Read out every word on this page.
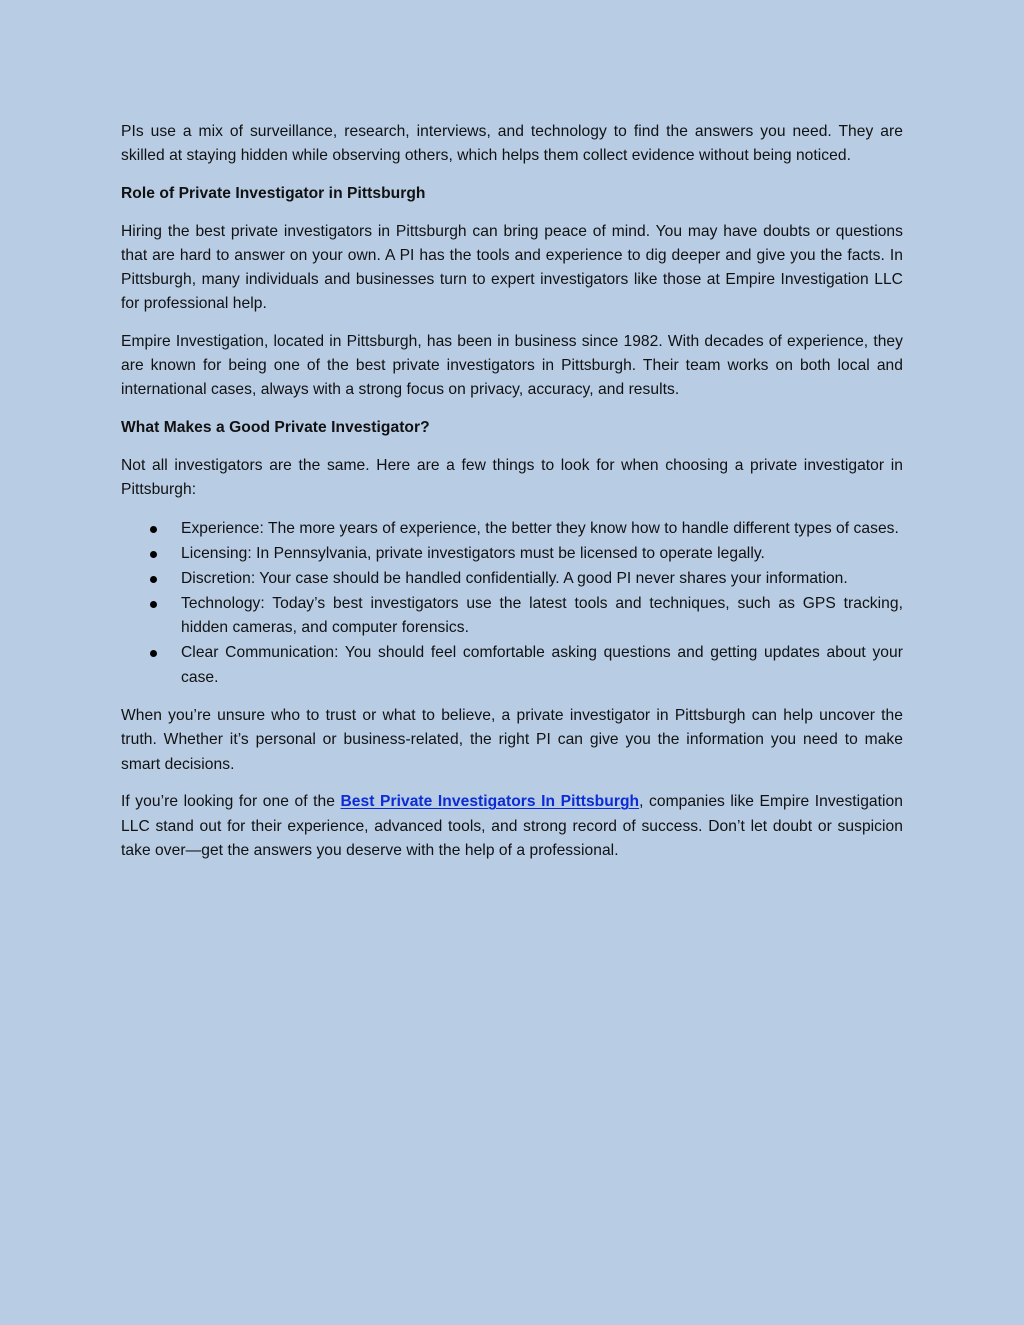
PIs use a mix of surveillance, research, interviews, and technology to find the answers you need. They are skilled at staying hidden while observing others, which helps them collect evidence without being noticed.

Role of Private Investigator in Pittsburgh

Hiring the best private investigators in Pittsburgh can bring peace of mind. You may have doubts or questions that are hard to answer on your own. A PI has the tools and experience to dig deeper and give you the facts. In Pittsburgh, many individuals and businesses turn to expert investigators like those at Empire Investigation LLC for professional help.

Empire Investigation, located in Pittsburgh, has been in business since 1982. With decades of experience, they are known for being one of the best private investigators in Pittsburgh. Their team works on both local and international cases, always with a strong focus on privacy, accuracy, and results.

What Makes a Good Private Investigator?

Not all investigators are the same. Here are a few things to look for when choosing a private investigator in Pittsburgh:

Experience: The more years of experience, the better they know how to handle different types of cases.
Licensing: In Pennsylvania, private investigators must be licensed to operate legally.
Discretion: Your case should be handled confidentially. A good PI never shares your information.
Technology: Today’s best investigators use the latest tools and techniques, such as GPS tracking, hidden cameras, and computer forensics.
Clear Communication: You should feel comfortable asking questions and getting updates about your case.

When you’re unsure who to trust or what to believe, a private investigator in Pittsburgh can help uncover the truth. Whether it’s personal or business-related, the right PI can give you the information you need to make smart decisions.

If you’re looking for one of the Best Private Investigators In Pittsburgh, companies like Empire Investigation LLC stand out for their experience, advanced tools, and strong record of success. Don’t let doubt or suspicion take over—get the answers you deserve with the help of a professional.
